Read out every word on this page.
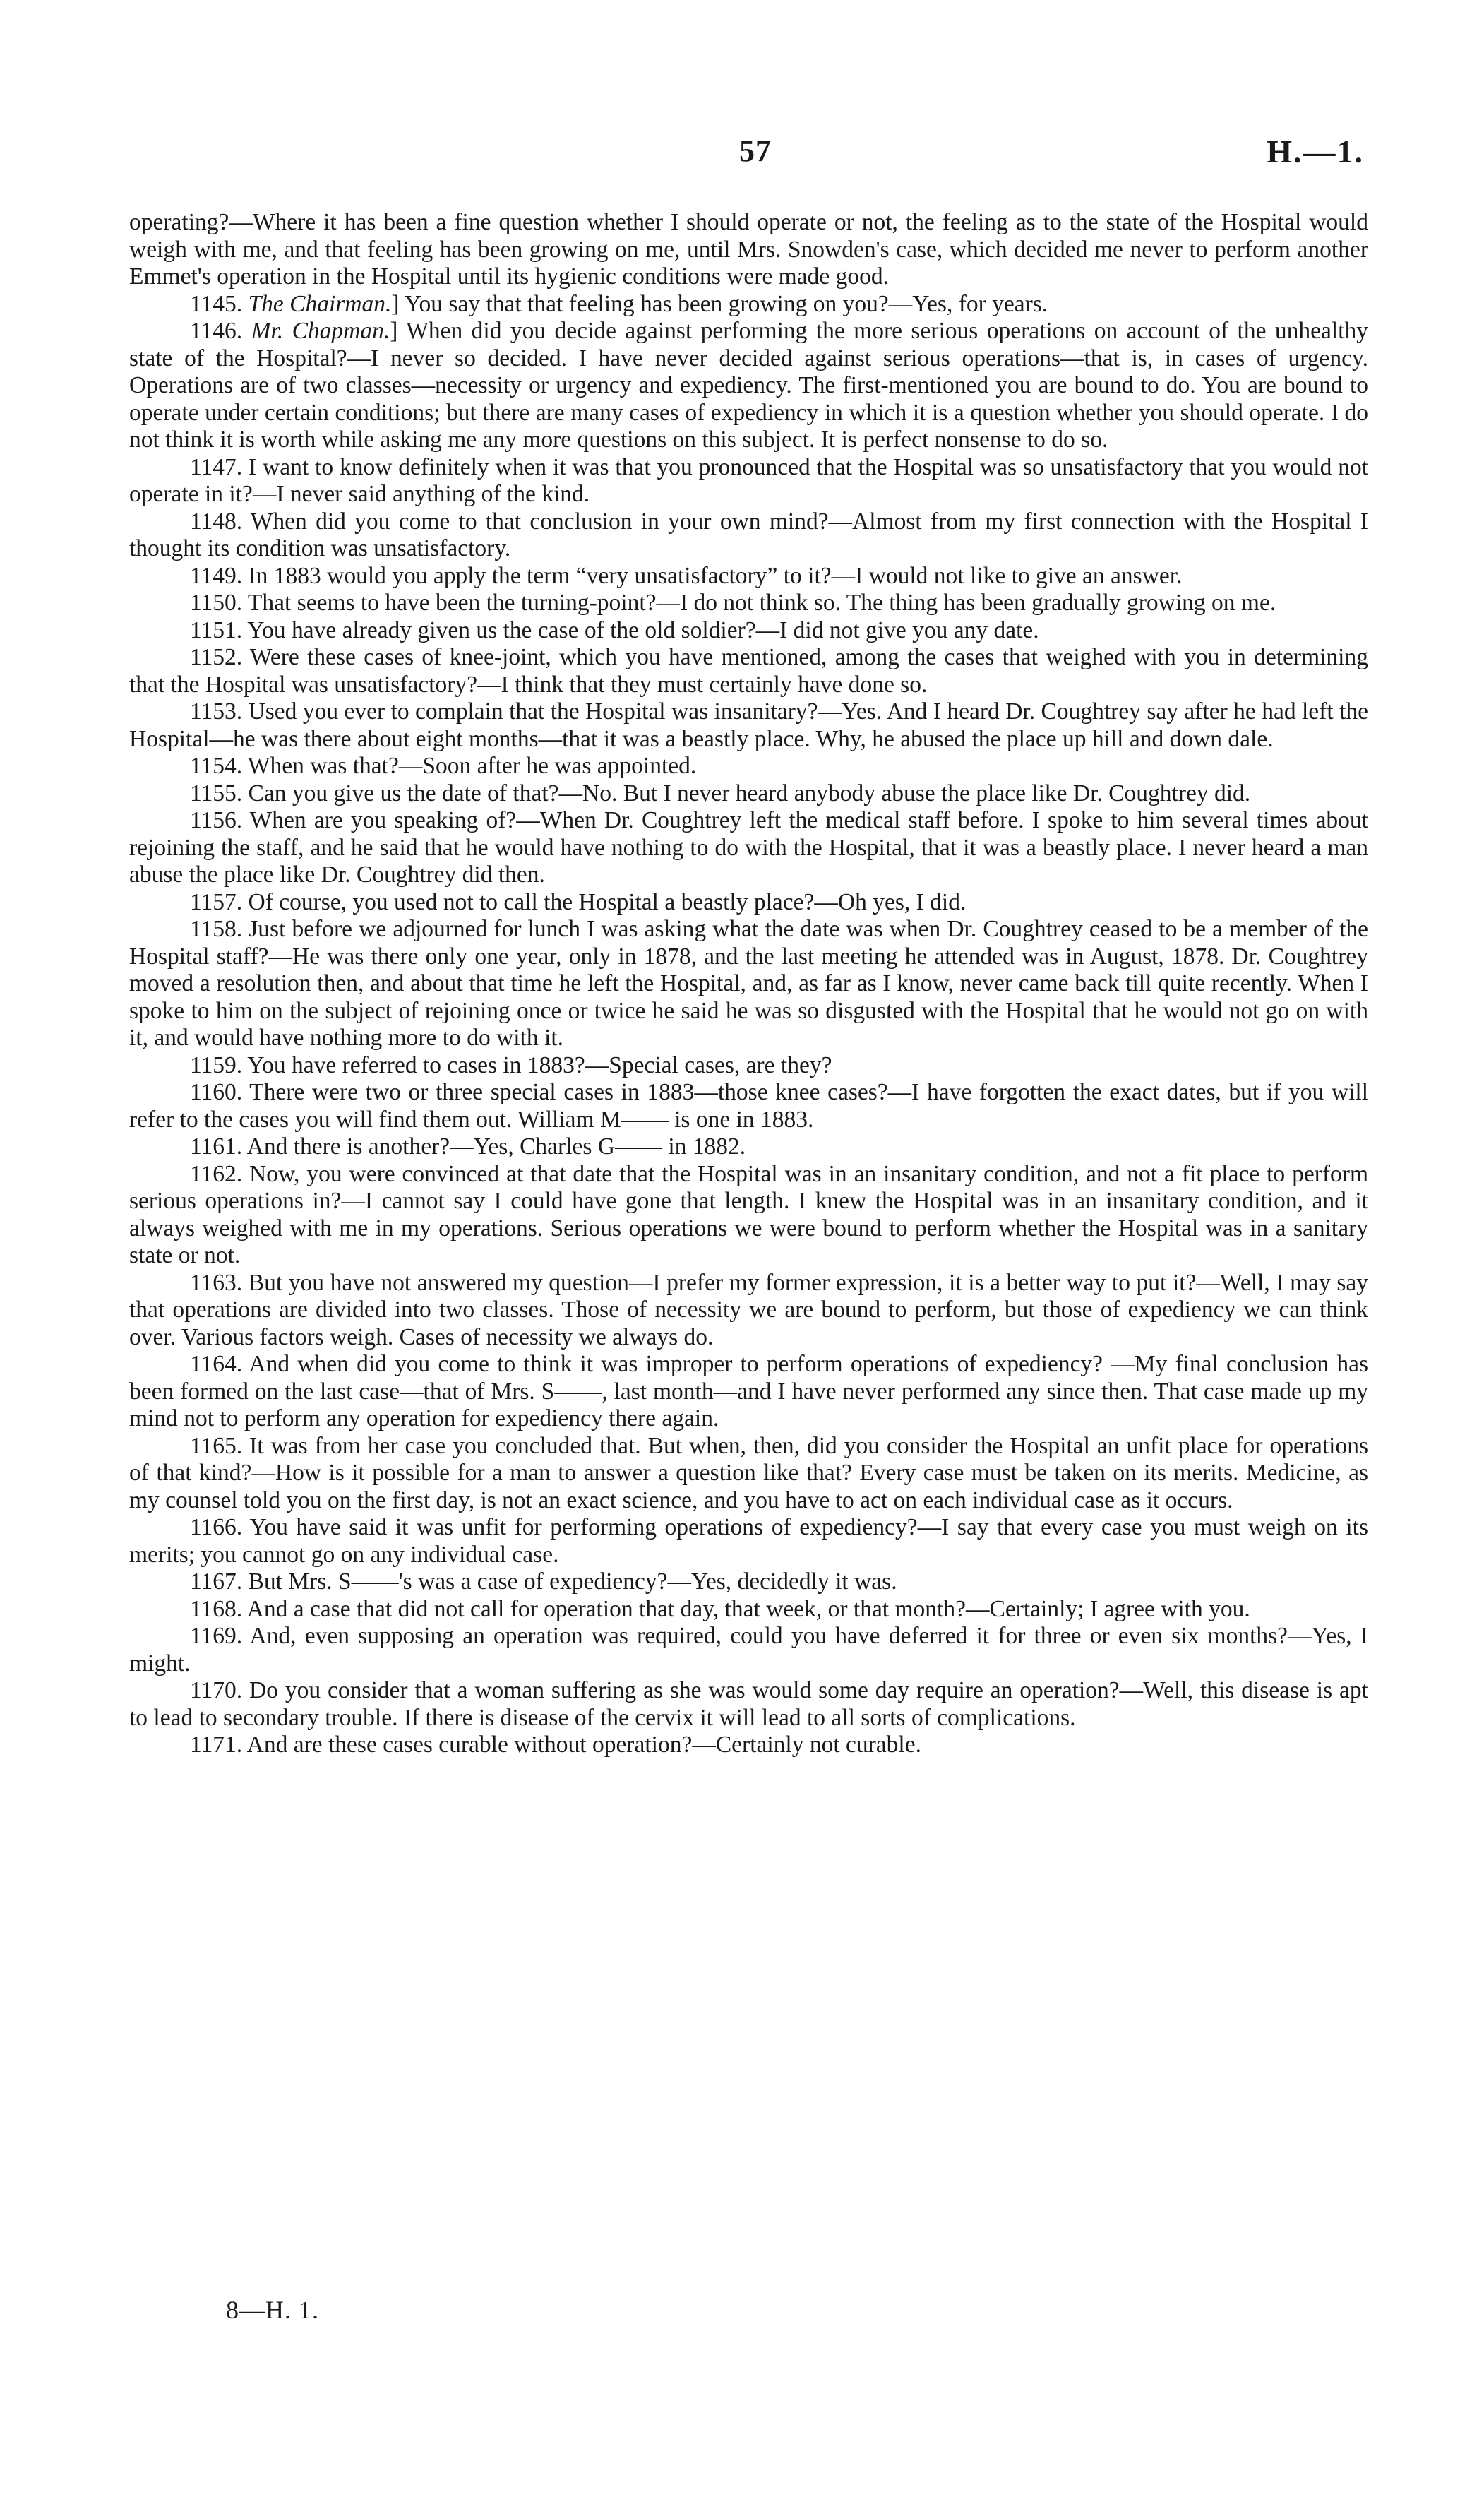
57	H.—1.

operating?—Where it has been a fine question whether I should operate or not, the feeling as to the state of the Hospital would weigh with me, and that feeling has been growing on me, until Mrs. Snowden's case, which decided me never to perform another Emmet's operation in the Hospital until its hygienic conditions were made good.

1145. The Chairman.] You say that that feeling has been growing on you?—Yes, for years.

1146. Mr. Chapman.] When did you decide against performing the more serious operations on account of the unhealthy state of the Hospital?—I never so decided. I have never decided against serious operations—that is, in cases of urgency. Operations are of two classes—necessity or urgency and expediency. The first-mentioned you are bound to do. You are bound to operate under certain conditions; but there are many cases of expediency in which it is a question whether you should operate. I do not think it is worth while asking me any more questions on this subject. It is perfect nonsense to do so.

1147. I want to know definitely when it was that you pronounced that the Hospital was so unsatisfactory that you would not operate in it?—I never said anything of the kind.

1148. When did you come to that conclusion in your own mind?—Almost from my first connection with the Hospital I thought its condition was unsatisfactory.

1149. In 1883 would you apply the term “very unsatisfactory” to it?—I would not like to give an answer.

1150. That seems to have been the turning-point?—I do not think so. The thing has been gradually growing on me.

1151. You have already given us the case of the old soldier?—I did not give you any date.

1152. Were these cases of knee-joint, which you have mentioned, among the cases that weighed with you in determining that the Hospital was unsatisfactory?—I think that they must certainly have done so.

1153. Used you ever to complain that the Hospital was insanitary?—Yes. And I heard Dr. Coughtrey say after he had left the Hospital—he was there about eight months—that it was a beastly place. Why, he abused the place up hill and down dale.

1154. When was that?—Soon after he was appointed.

1155. Can you give us the date of that?—No. But I never heard anybody abuse the place like Dr. Coughtrey did.

1156. When are you speaking of?—When Dr. Coughtrey left the medical staff before. I spoke to him several times about rejoining the staff, and he said that he would have nothing to do with the Hospital, that it was a beastly place. I never heard a man abuse the place like Dr. Coughtrey did then.

1157. Of course, you used not to call the Hospital a beastly place?—Oh yes, I did.

1158. Just before we adjourned for lunch I was asking what the date was when Dr. Coughtrey ceased to be a member of the Hospital staff?—He was there only one year, only in 1878, and the last meeting he attended was in August, 1878. Dr. Coughtrey moved a resolution then, and about that time he left the Hospital, and, as far as I know, never came back till quite recently. When I spoke to him on the subject of rejoining once or twice he said he was so disgusted with the Hospital that he would not go on with it, and would have nothing more to do with it.

1159. You have referred to cases in 1883?—Special cases, are they?

1160. There were two or three special cases in 1883—those knee cases?—I have forgotten the exact dates, but if you will refer to the cases you will find them out. William M—— is one in 1883.

1161. And there is another?—Yes, Charles G—— in 1882.

1162. Now, you were convinced at that date that the Hospital was in an insanitary condition, and not a fit place to perform serious operations in?—I cannot say I could have gone that length. I knew the Hospital was in an insanitary condition, and it always weighed with me in my operations. Serious operations we were bound to perform whether the Hospital was in a sanitary state or not.

1163. But you have not answered my question—I prefer my former expression, it is a better way to put it?—Well, I may say that operations are divided into two classes. Those of necessity we are bound to perform, but those of expediency we can think over. Various factors weigh. Cases of necessity we always do.

1164. And when did you come to think it was improper to perform operations of expediency? —My final conclusion has been formed on the last case—that of Mrs. S——, last month—and I have never performed any since then. That case made up my mind not to perform any operation for expediency there again.

1165. It was from her case you concluded that. But when, then, did you consider the Hospital an unfit place for operations of that kind?—How is it possible for a man to answer a question like that? Every case must be taken on its merits. Medicine, as my counsel told you on the first day, is not an exact science, and you have to act on each individual case as it occurs.

1166. You have said it was unfit for performing operations of expediency?—I say that every case you must weigh on its merits; you cannot go on any individual case.

1167. But Mrs. S——'s was a case of expediency?—Yes, decidedly it was.

1168. And a case that did not call for operation that day, that week, or that month?—Certainly; I agree with you.

1169. And, even supposing an operation was required, could you have deferred it for three or even six months?—Yes, I might.

1170. Do you consider that a woman suffering as she was would some day require an operation?—Well, this disease is apt to lead to secondary trouble. If there is disease of the cervix it will lead to all sorts of complications.

1171. And are these cases curable without operation?—Certainly not curable.

8—H. 1.
